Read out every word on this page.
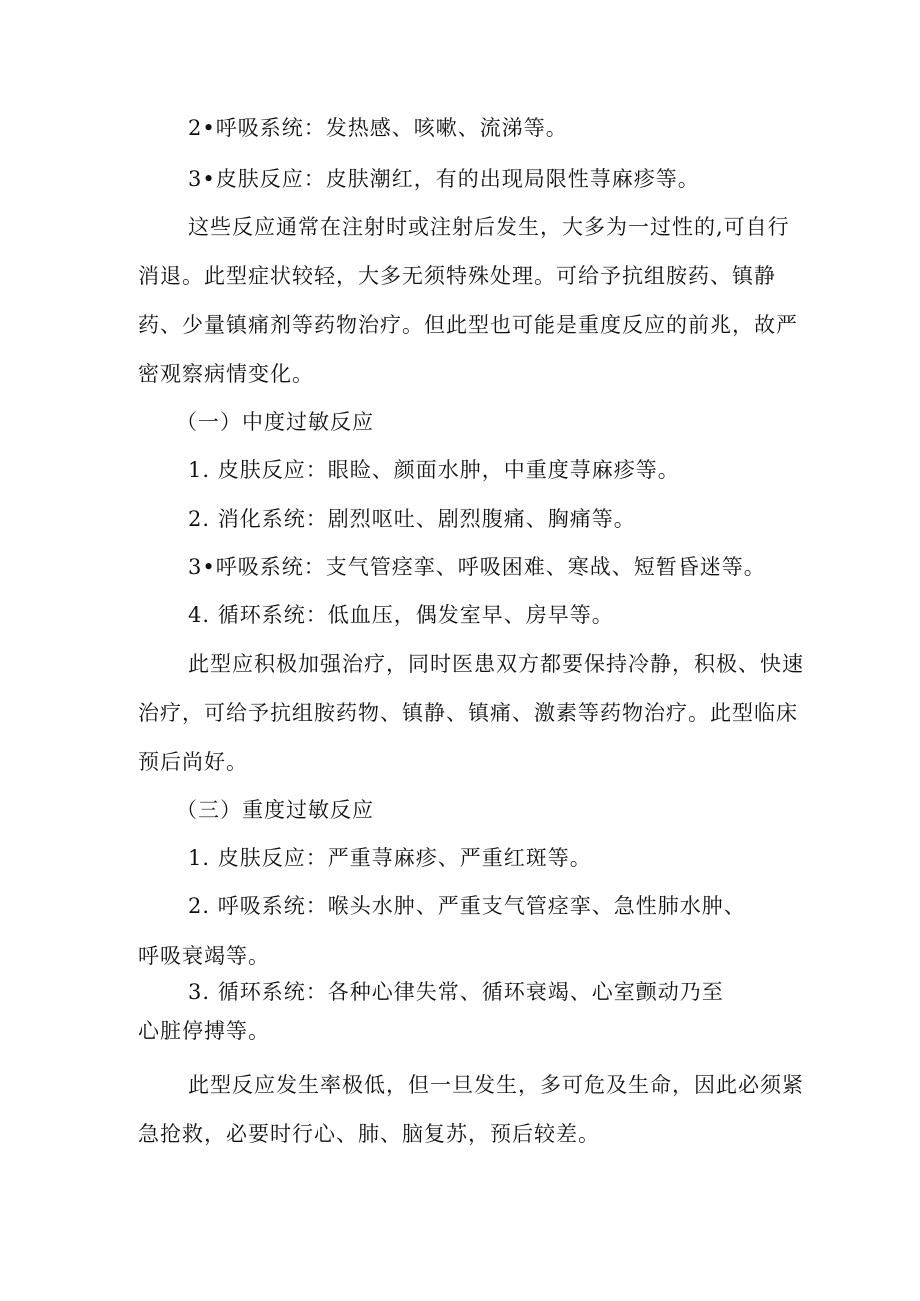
2•呼吸系统：发热感、咳嗽、流涕等。
3•皮肤反应：皮肤潮红，有的出现局限性荨麻疹等。
这些反应通常在注射时或注射后发生，大多为一过性的,可自行
消退。此型症状较轻，大多无须特殊处理。可给予抗组胺药、镇静
药、少量镇痛剂等药物治疗。但此型也可能是重度反应的前兆，故严
密观察病情变化。
（一）中度过敏反应
1. 皮肤反应：眼睑、颜面水肿，中重度荨麻疹等。
2. 消化系统：剧烈呕吐、剧烈腹痛、胸痛等。
3•呼吸系统：支气管痉挛、呼吸困难、寒战、短暂昏迷等。
4. 循环系统：低血压，偶发室早、房早等。
此型应积极加强治疗，同时医患双方都要保持冷静，积极、快速
治疗，可给予抗组胺药物、镇静、镇痛、激素等药物治疗。此型临床
预后尚好。
（三）重度过敏反应
1. 皮肤反应：严重荨麻疹、严重红斑等。
2. 呼吸系统：喉头水肿、严重支气管痉挛、急性肺水肿、
呼吸衰竭等。
3. 循环系统：各种心律失常、循环衰竭、心室颤动乃至
心脏停搏等。
此型反应发生率极低，但一旦发生，多可危及生命，因此必须紧
急抢救，必要时行心、肺、脑复苏，预后较差。
